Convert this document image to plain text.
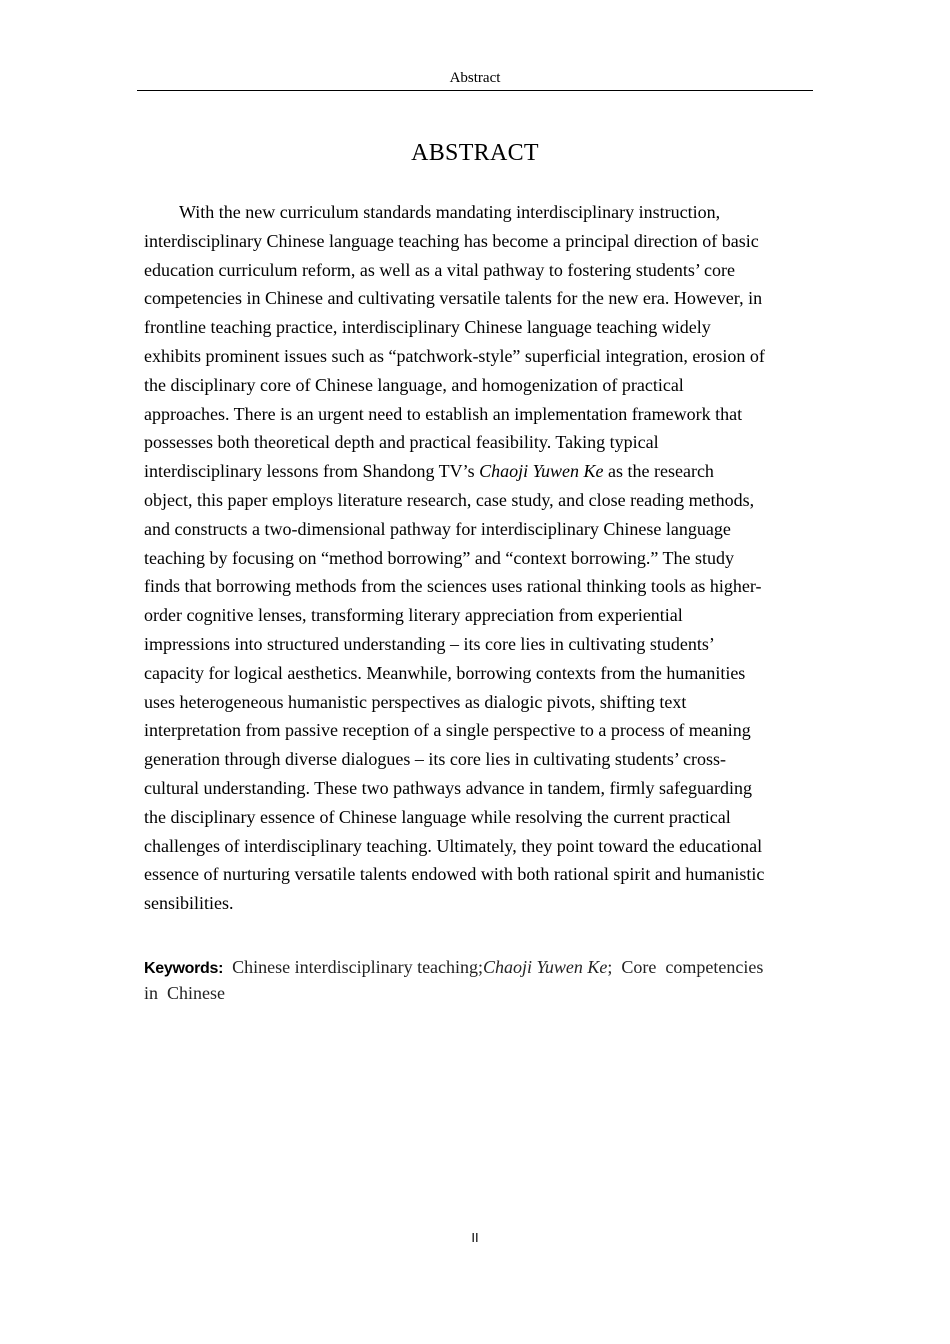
Abstract
ABSTRACT

With the new curriculum standards mandating interdisciplinary instruction,
interdisciplinary Chinese language teaching has become a principal direction of basic
education curriculum reform, as well as a vital pathway to fostering students’ core
competencies in Chinese and cultivating versatile talents for the new era. However, in
frontline teaching practice, interdisciplinary Chinese language teaching widely
exhibits prominent issues such as “patchwork-style” superficial integration, erosion of
the disciplinary core of Chinese language, and homogenization of practical
approaches. There is an urgent need to establish an implementation framework that
possesses both theoretical depth and practical feasibility. Taking typical
interdisciplinary lessons from Shandong TV’s Chaoji Yuwen Ke as the research
object, this paper employs literature research, case study, and close reading methods,
and constructs a two-dimensional pathway for interdisciplinary Chinese language
teaching by focusing on “method borrowing” and “context borrowing.” The study
finds that borrowing methods from the sciences uses rational thinking tools as higher-
order cognitive lenses, transforming literary appreciation from experiential
impressions into structured understanding – its core lies in cultivating students’
capacity for logical aesthetics. Meanwhile, borrowing contexts from the humanities
uses heterogeneous humanistic perspectives as dialogic pivots, shifting text
interpretation from passive reception of a single perspective to a process of meaning
generation through diverse dialogues – its core lies in cultivating students’ cross-
cultural understanding. These two pathways advance in tandem, firmly safeguarding
the disciplinary essence of Chinese language while resolving the current practical
challenges of interdisciplinary teaching. Ultimately, they point toward the educational
essence of nurturing versatile talents endowed with both rational spirit and humanistic
sensibilities.

Keywords: Chinese interdisciplinary teaching;Chaoji Yuwen Ke;  Core  competencies
in  Chinese
II
